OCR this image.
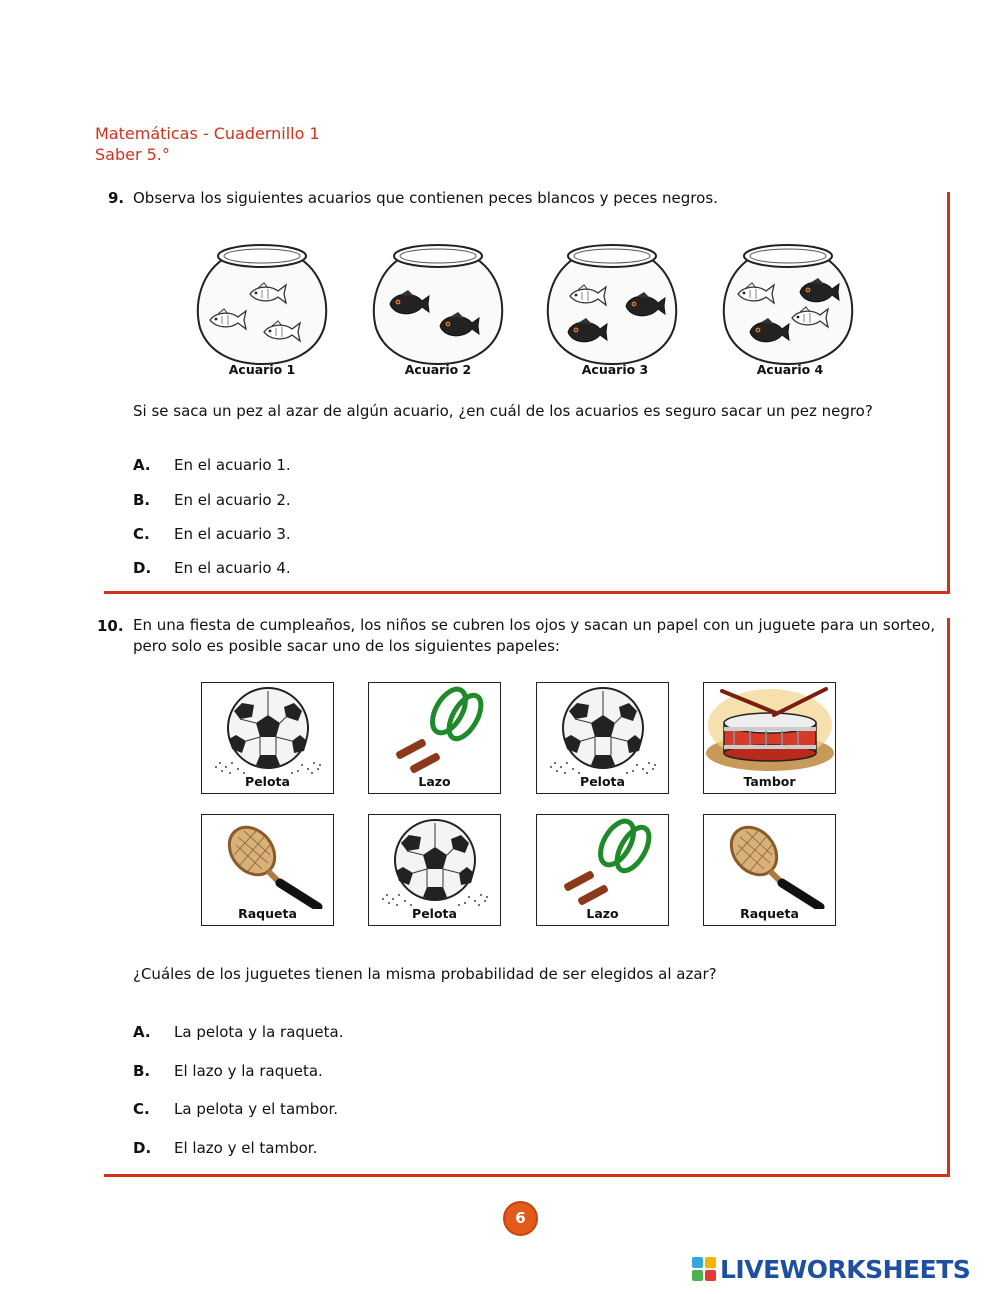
Matemáticas - Cuadernillo 1
Saber 5.°
9. Observa los siguientes acuarios que contienen peces blancos y peces negros.
Acuario 1	Acuario 2	Acuario 3	Acuario 4
Si se saca un pez al azar de algún acuario, ¿en cuál de los acuarios es seguro sacar un pez negro?
A. En el acuario 1.
B. En el acuario 2.
C. En el acuario 3.
D. En el acuario 4.
10. En una fiesta de cumpleaños, los niños se cubren los ojos y sacan un papel con un juguete para un sorteo,
pero solo es posible sacar uno de los siguientes papeles:
Pelota	Lazo	Pelota	Tambor
Raqueta	Pelota	Lazo	Raqueta
¿Cuáles de los juguetes tienen la misma probabilidad de ser elegidos al azar?
A. La pelota y la raqueta.
B. El lazo y la raqueta.
C. La pelota y el tambor.
D. El lazo y el tambor.
6
LIVEWORKSHEETS
